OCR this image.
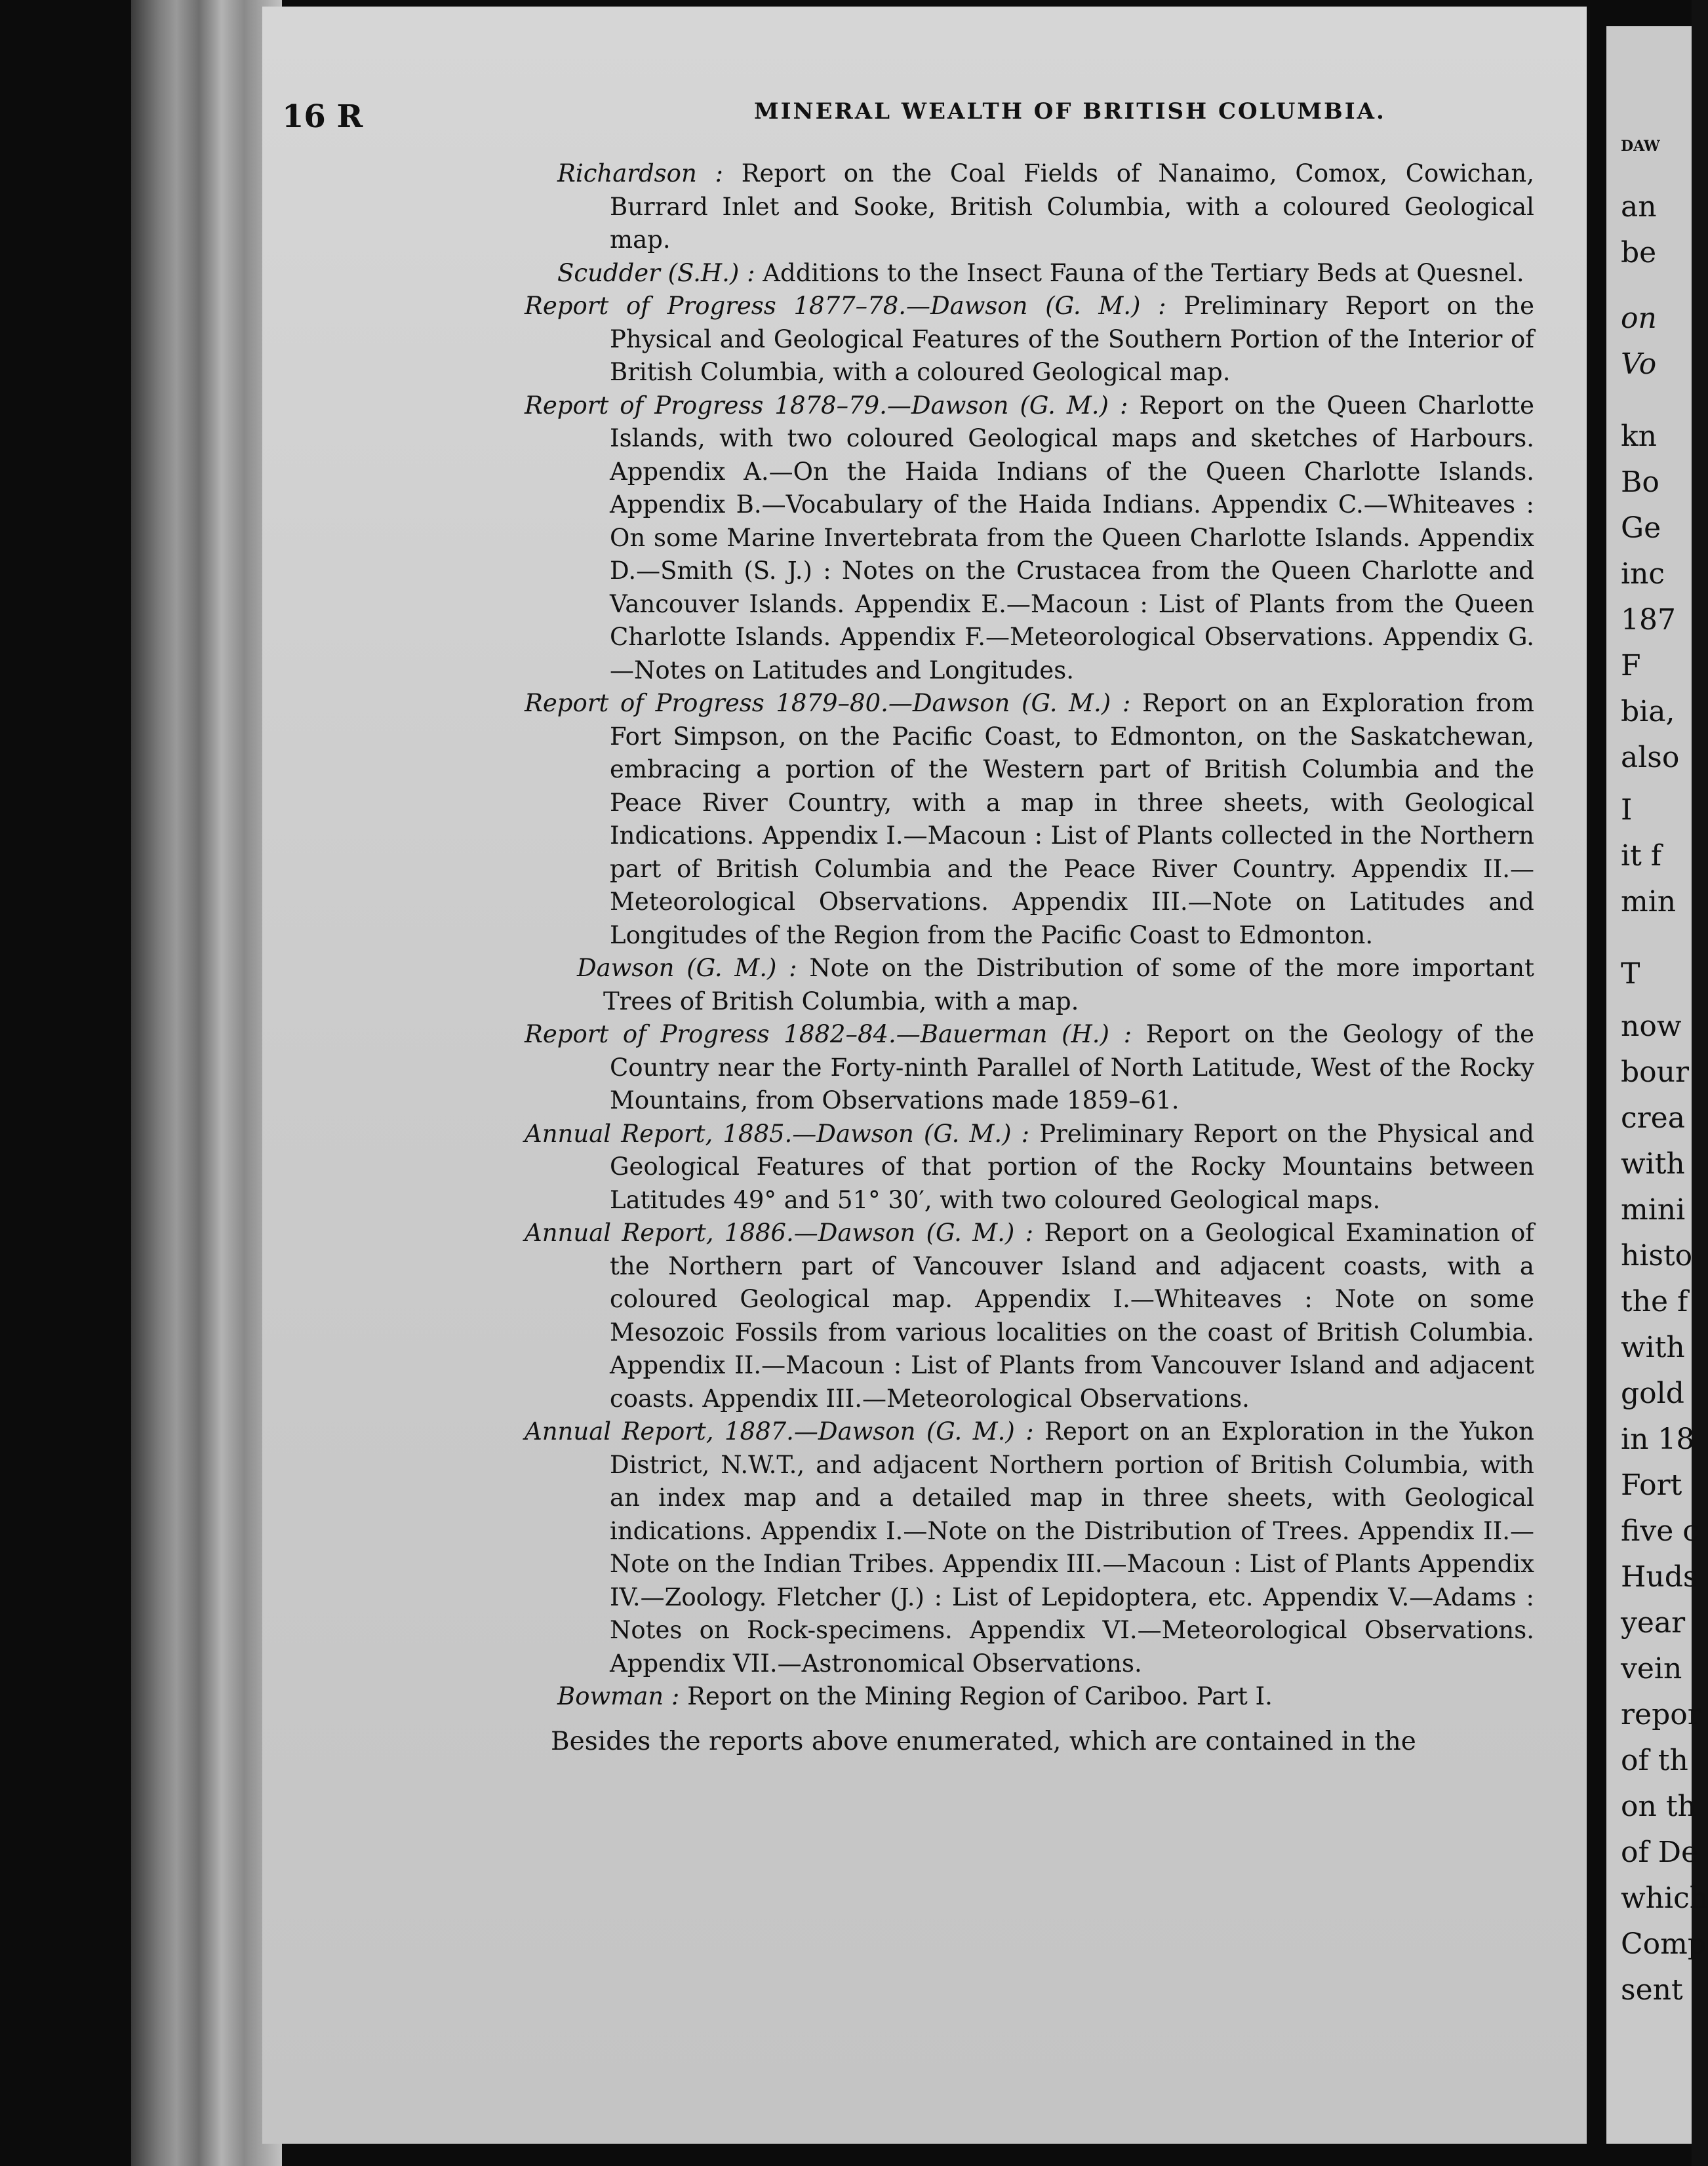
16 R	MINERAL WEALTH OF BRITISH COLUMBIA.

Richardson : Report on the Coal Fields of Nanaimo, Comox, Cowichan, Burrard Inlet and Sooke, British Columbia, with a coloured Geological map.

Scudder (S.H.) : Additions to the Insect Fauna of the Tertiary Beds at Quesnel.

Report of Progress 1877–78.—Dawson (G. M.) : Preliminary Report on the Physical and Geological Features of the Southern Portion of the Interior of British Columbia, with a coloured Geological map.

Report of Progress 1878–79.—Dawson (G. M.) : Report on the Queen Charlotte Islands, with two coloured Geological maps and sketches of Harbours. Appendix A.—On the Haida Indians of the Queen Charlotte Islands. Appendix B.—Vocabulary of the Haida Indians. Appendix C.—Whiteaves : On some Marine Invertebrata from the Queen Charlotte Islands. Appendix D.—Smith (S. J.) : Notes on the Crustacea from the Queen Charlotte and Vancouver Islands. Appendix E.—Macoun : List of Plants from the Queen Charlotte Islands. Appendix F.—Meteorological Observations. Appendix G.—Notes on Latitudes and Longitudes.

Report of Progress 1879–80.—Dawson (G. M.) : Report on an Exploration from Fort Simpson, on the Pacific Coast, to Edmonton, on the Saskatchewan, embracing a portion of the Western part of British Columbia and the Peace River Country, with a map in three sheets, with Geological Indications. Appendix I.—Macoun : List of Plants collected in the Northern part of British Columbia and the Peace River Country. Appendix II.—Meteorological Observations. Appendix III.—Note on Latitudes and Longitudes of the Region from the Pacific Coast to Edmonton.

Dawson (G. M.) : Note on the Distribution of some of the more important Trees of British Columbia, with a map.

Report of Progress 1882–84.—Bauerman (H.) : Report on the Geology of the Country near the Forty-ninth Parallel of North Latitude, West of the Rocky Mountains, from Observations made 1859–61.

Annual Report, 1885.—Dawson (G. M.) : Preliminary Report on the Physical and Geological Features of that portion of the Rocky Mountains between Latitudes 49° and 51° 30′, with two coloured Geological maps.

Annual Report, 1886.—Dawson (G. M.) : Report on a Geological Examination of the Northern part of Vancouver Island and adjacent coasts, with a coloured Geological map. Appendix I.—Whiteaves : Note on some Mesozoic Fossils from various localities on the coast of British Columbia. Appendix II.—Macoun : List of Plants from Vancouver Island and adjacent coasts. Appendix III.—Meteorological Observations.

Annual Report, 1887.—Dawson (G. M.) : Report on an Exploration in the Yukon District, N.W.T., and adjacent Northern portion of British Columbia, with an index map and a detailed map in three sheets, with Geological indications. Appendix I.—Note on the Distribution of Trees. Appendix II.—Note on the Indian Tribes. Appendix III.—Macoun : List of Plants Appendix IV.—Zoology. Fletcher (J.) : List of Lepidoptera, etc. Appendix V.—Adams : Notes on Rock-specimens. Appendix VI.—Meteorological Observations. Appendix VII.—Astronomical Observations.

Bowman : Report on the Mining Region of Cariboo. Part I.

Besides the reports above enumerated, which are contained in the

DAW
an
be
on
Vo
kn
Bo
Ge
inc
187
F
bia,
also
I
it f
min
T
now
bour
crea
with
mini
histo
the f
with
gold
in 18
Fort
five c
Huds
year
vein
repor
of th
on th
of De
which
Comp
sent
